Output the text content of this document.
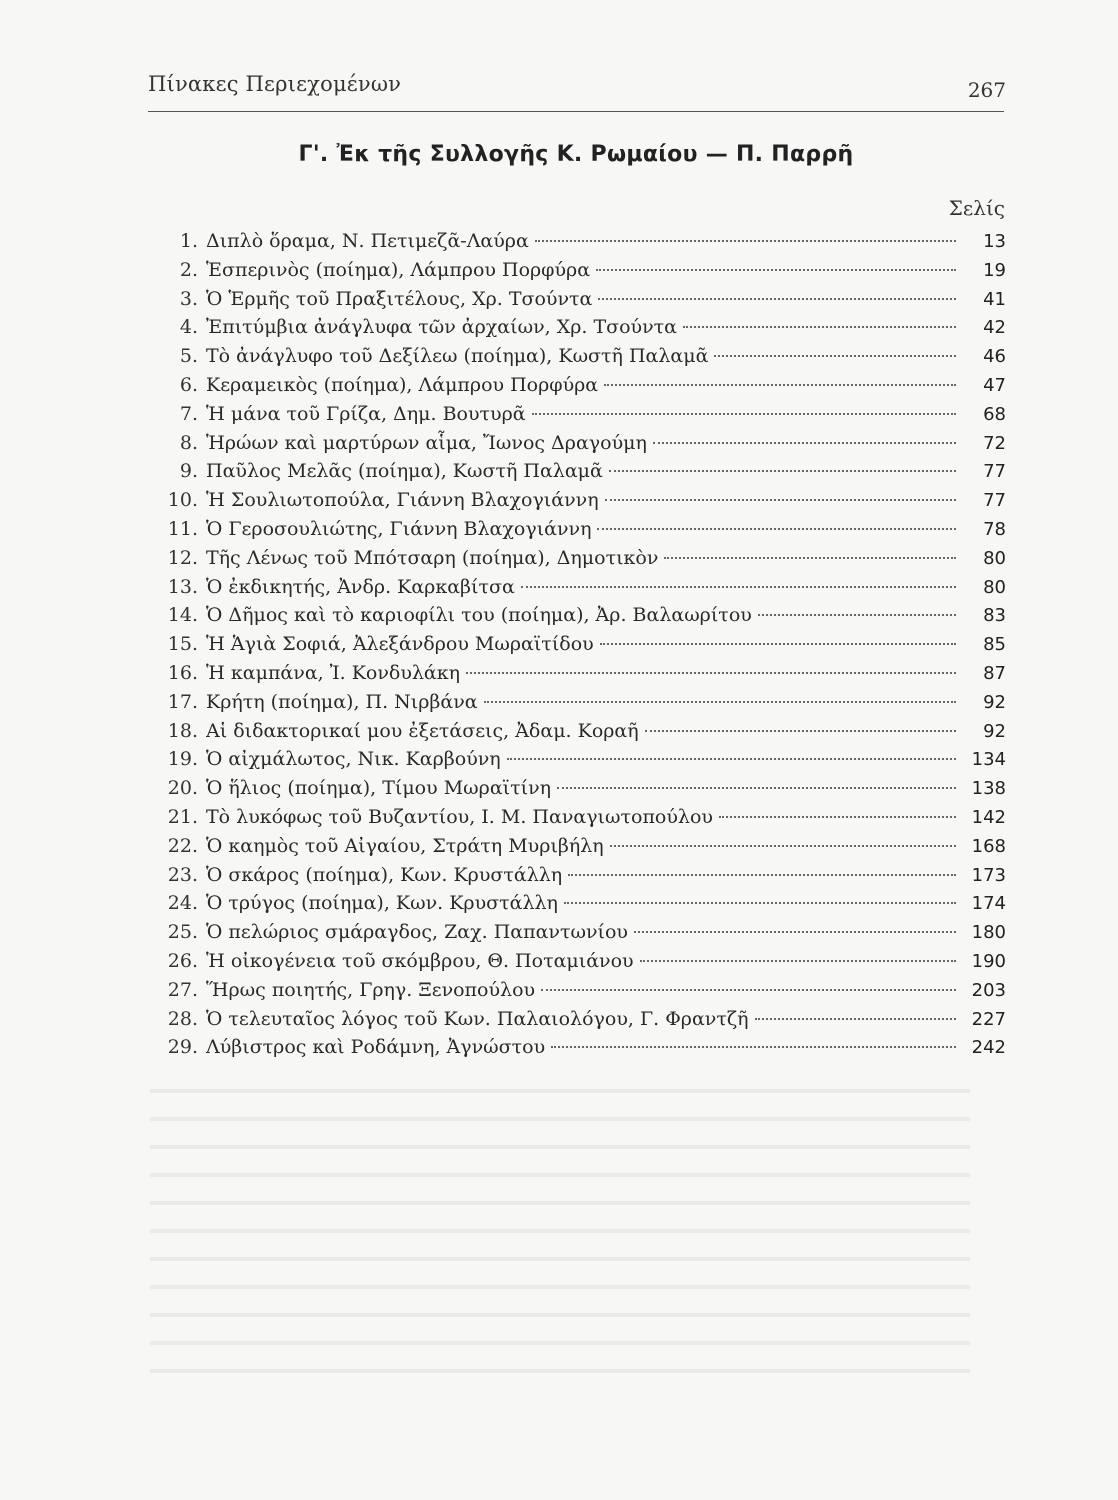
Πίνακες Περιεχομένων	267
Γ'. Ἐκ τῆς Συλλογῆς Κ. Ρωμαίου — Π. Παρρῆ
Σελίς
1. Διπλὸ ὅραμα, Ν. Πετιμεζᾶ-Λαύρα	13
2. Ἑσπερινὸς (ποίημα), Λάμπρου Πορφύρα	19
3. Ὁ Ἑρμῆς τοῦ Πραξιτέλους, Χρ. Τσούντα	41
4. Ἐπιτύμβια ἀνάγλυφα τῶν ἀρχαίων, Χρ. Τσούντα	42
5. Τὸ ἀνάγλυφο τοῦ Δεξίλεω (ποίημα), Κωστῆ Παλαμᾶ	46
6. Κεραμεικὸς (ποίημα), Λάμπρου Πορφύρα	47
7. Ἡ μάνα τοῦ Γρίζα, Δημ. Βουτυρᾶ	68
8. Ἡρώων καὶ μαρτύρων αἷμα, Ἴωνος Δραγούμη	72
9. Παῦλος Μελᾶς (ποίημα), Κωστῆ Παλαμᾶ	77
10. Ἡ Σουλιωτοπούλα, Γιάννη Βλαχογιάννη	77
11. Ὁ Γεροσουλιώτης, Γιάννη Βλαχογιάννη	78
12. Τῆς Λένως τοῦ Μπότσαρη (ποίημα), Δημοτικὸν	80
13. Ὁ ἐκδικητής, Ἀνδρ. Καρκαβίτσα	80
14. Ὁ Δῆμος καὶ τὸ καριοφίλι του (ποίημα), Ἀρ. Βαλαωρίτου	83
15. Ἡ Ἁγιὰ Σοφιά, Ἀλεξάνδρου Μωραϊτίδου	85
16. Ἡ καμπάνα, Ἰ. Κονδυλάκη	87
17. Κρήτη (ποίημα), Π. Νιρβάνα	92
18. Αἱ διδακτορικαί μου ἐξετάσεις, Ἀδαμ. Κοραῆ	92
19. Ὁ αἰχμάλωτος, Νικ. Καρβούνη	134
20. Ὁ ἥλιος (ποίημα), Τίμου Μωραϊτίνη	138
21. Τὸ λυκόφως τοῦ Βυζαντίου, Ι. Μ. Παναγιωτοπούλου	142
22. Ὁ καημὸς τοῦ Αἰγαίου, Στράτη Μυριβήλη	168
23. Ὁ σκάρος (ποίημα), Κων. Κρυστάλλη	173
24. Ὁ τρύγος (ποίημα), Κων. Κρυστάλλη	174
25. Ὁ πελώριος σμάραγδος, Ζαχ. Παπαντωνίου	180
26. Ἡ οἰκογένεια τοῦ σκόμβρου, Θ. Ποταμιάνου	190
27. Ἥρως ποιητής, Γρηγ. Ξενοπούλου	203
28. Ὁ τελευταῖος λόγος τοῦ Κων. Παλαιολόγου, Γ. Φραντζῆ	227
29. Λύβιστρος καὶ Ροδάμνη, Ἀγνώστου	242
